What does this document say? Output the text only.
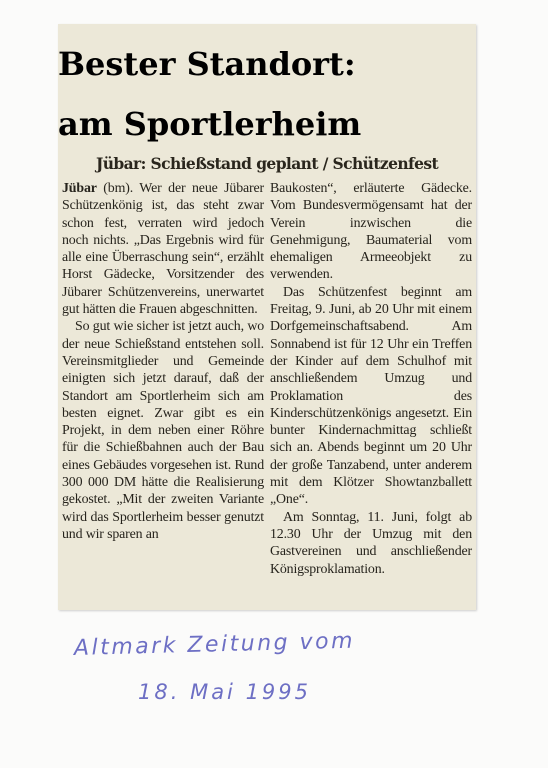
Bester Standort:
am Sportlerheim
Jübar: Schießstand geplant / Schützenfest

Jübar (bm). Wer der neue Jübarer Schützenkönig ist, das steht zwar schon fest, verraten wird jedoch noch nichts. „Das Ergebnis wird für alle eine Überraschung sein“, erzählt Horst Gädecke, Vorsitzender des Jübarer Schützenvereins, unerwartet gut hätten die Frauen abgeschnitten.

So gut wie sicher ist jetzt auch, wo der neue Schießstand entstehen soll. Vereinsmitglieder und Gemeinde einigten sich jetzt darauf, daß der Standort am Sportlerheim sich am besten eignet. Zwar gibt es ein Projekt, in dem neben einer Röhre für die Schießbahnen auch der Bau eines Gebäudes vorgesehen ist. Rund 300 000 DM hätte die Realisierung gekostet. „Mit der zweiten Variante wird das Sportlerheim besser genutzt und wir sparen an

Baukosten“, erläuterte Gädecke. Vom Bundesvermögensamt hat der Verein inzwischen die Genehmigung, Baumaterial vom ehemaligen Armeeobjekt zu verwenden.

Das Schützenfest beginnt am Freitag, 9. Juni, ab 20 Uhr mit einem Dorfgemeinschaftsabend. Am Sonnabend ist für 12 Uhr ein Treffen der Kinder auf dem Schulhof mit anschließendem Umzug und Proklamation des Kinderschützenkönigs angesetzt. Ein bunter Kindernachmittag schließt sich an. Abends beginnt um 20 Uhr der große Tanzabend, unter anderem mit dem Klötzer Showtanzballett „One“.

Am Sonntag, 11. Juni, folgt ab 12.30 Uhr der Umzug mit den Gastvereinen und anschließender Königsproklamation.

Altmark Zeitung vom
18. Mai 1995
